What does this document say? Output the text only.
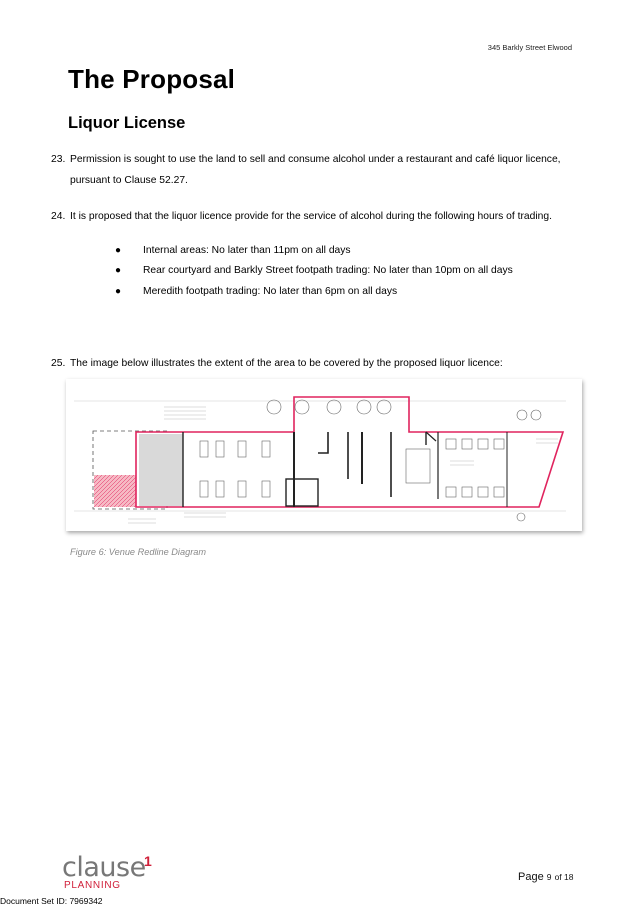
345 Barkly Street Elwood
The Proposal
Liquor License
23. Permission is sought to use the land to sell and consume alcohol under a restaurant and café liquor licence,
pursuant to Clause 52.27.
24. It is proposed that the liquor licence provide for the service of alcohol during the following hours of trading.
●	Internal areas: No later than 11pm on all days
●	Rear courtyard and Barkly Street footpath trading: No later than 10pm on all days
●	Meredith footpath trading: No later than 6pm on all days
25. The image below illustrates the extent of the area to be covered by the proposed liquor licence:
Figure 6: Venue Redline Diagram
clause
1
PLANNING
Page 9 of 18
Document Set ID: 7969342
